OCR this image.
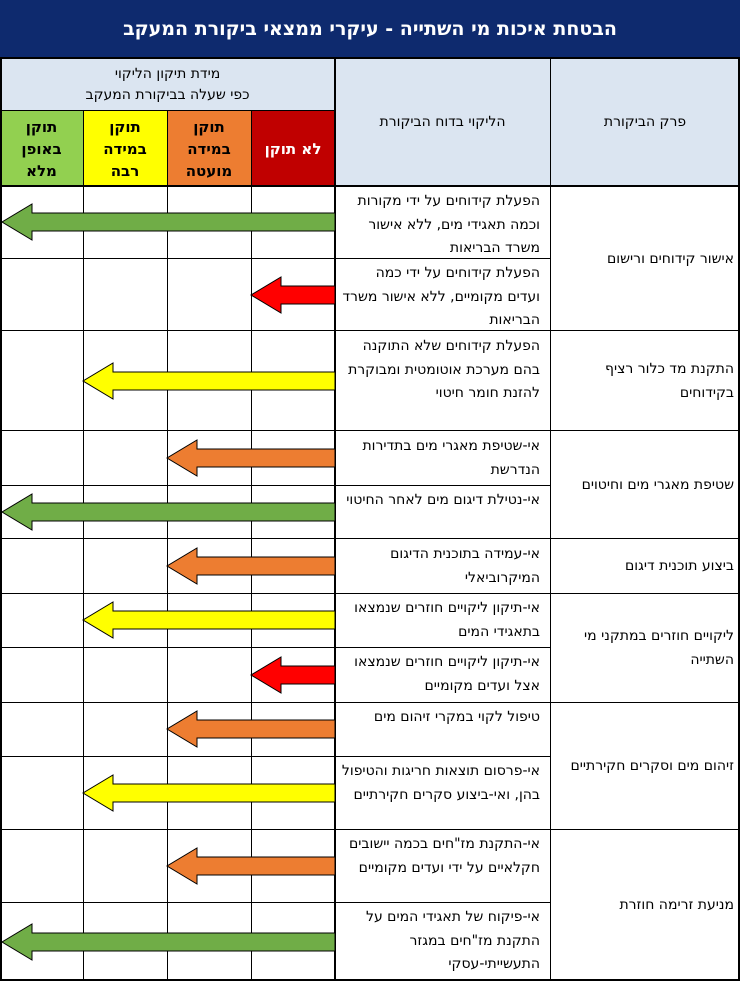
הבטחת איכות מי השתייה - עיקרי ממצאי ביקורת המעקב
מידת תיקון הליקוי
כפי שעלה בביקורת המעקב
הליקוי בדוח הביקורת	פרק הביקורת
לא תוקן
תוקן במידה מועטה
תוקן במידה רבה
תוקן באופן מלא
אישור קידוחים ורישום
התקנת מד כלור רציף בקידוחים
שטיפת מאגרי מים וחיטוים
ביצוע תוכנית דיגום
ליקויים חוזרים במתקני מי השתייה
זיהום מים וסקרים חקירתיים
מניעת זרימה חוזרת
הפעלת קידוחים על ידי מקורות וכמה תאגידי מים, ללא אישור משרד הבריאות
הפעלת קידוחים על ידי כמה ועדים מקומיים, ללא אישור משרד הבריאות
הפעלת קידוחים שלא התוקנה בהם מערכת אוטומטית ומבוקרת להזנת חומר חיטוי
אי-שטיפת מאגרי מים בתדירות הנדרשת
אי-נטילת דיגום מים לאחר החיטוי
אי-עמידה בתוכנית הדיגום המיקרוביאלי
אי-תיקון ליקויים חוזרים שנמצאו בתאגידי המים
אי-תיקון ליקויים חוזרים שנמצאו אצל ועדים מקומיים
טיפול לקוי במקרי זיהום מים
אי-פרסום תוצאות חריגות והטיפול בהן, ואי-ביצוע סקרים חקירתיים
אי-התקנת מז"חים בכמה יישובים חקלאיים על ידי ועדים מקומיים
אי-פיקוח של תאגידי המים על התקנת מז"חים במגזר התעשייתי-עסקי
